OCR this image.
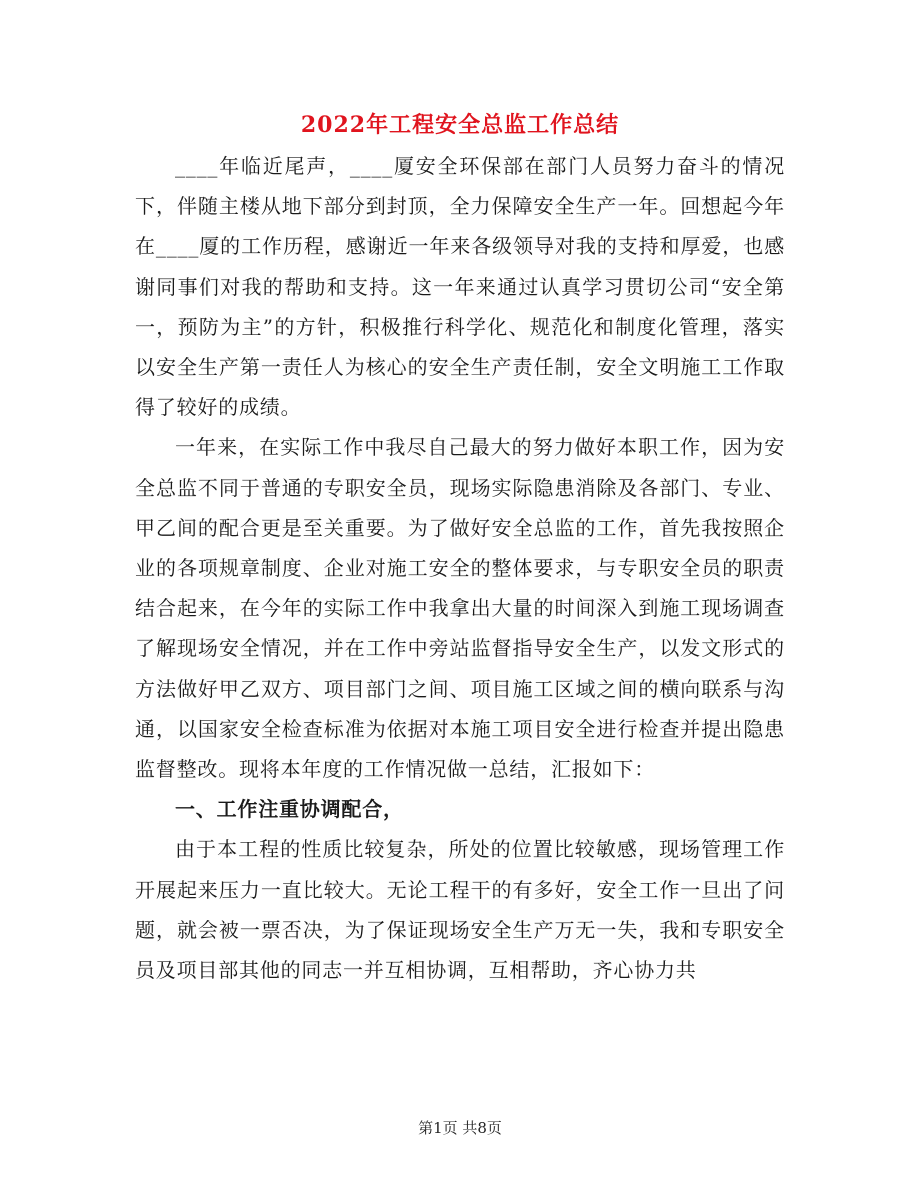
2022年工程安全总监工作总结

____年临近尾声，____厦安全环保部在部门人员努力奋斗的情况下，伴随主楼从地下部分到封顶，全力保障安全生产一年。回想起今年在____厦的工作历程，感谢近一年来各级领导对我的支持和厚爱，也感谢同事们对我的帮助和支持。这一年来通过认真学习贯切公司“安全第一，预防为主”的方针，积极推行科学化、规范化和制度化管理，落实以安全生产第一责任人为核心的安全生产责任制，安全文明施工工作取得了较好的成绩。

一年来，在实际工作中我尽自己最大的努力做好本职工作，因为安全总监不同于普通的专职安全员，现场实际隐患消除及各部门、专业、甲乙间的配合更是至关重要。为了做好安全总监的工作，首先我按照企业的各项规章制度、企业对施工安全的整体要求，与专职安全员的职责结合起来，在今年的实际工作中我拿出大量的时间深入到施工现场调查了解现场安全情况，并在工作中旁站监督指导安全生产，以发文形式的方法做好甲乙双方、项目部门之间、项目施工区域之间的横向联系与沟通，以国家安全检查标准为依据对本施工项目安全进行检查并提出隐患监督整改。现将本年度的工作情况做一总结，汇报如下：

一、工作注重协调配合，

由于本工程的性质比较复杂，所处的位置比较敏感，现场管理工作开展起来压力一直比较大。无论工程干的有多好，安全工作一旦出了问题，就会被一票否决，为了保证现场安全生产万无一失，我和专职安全员及项目部其他的同志一并互相协调，互相帮助，齐心协力共

第1页 共8页
